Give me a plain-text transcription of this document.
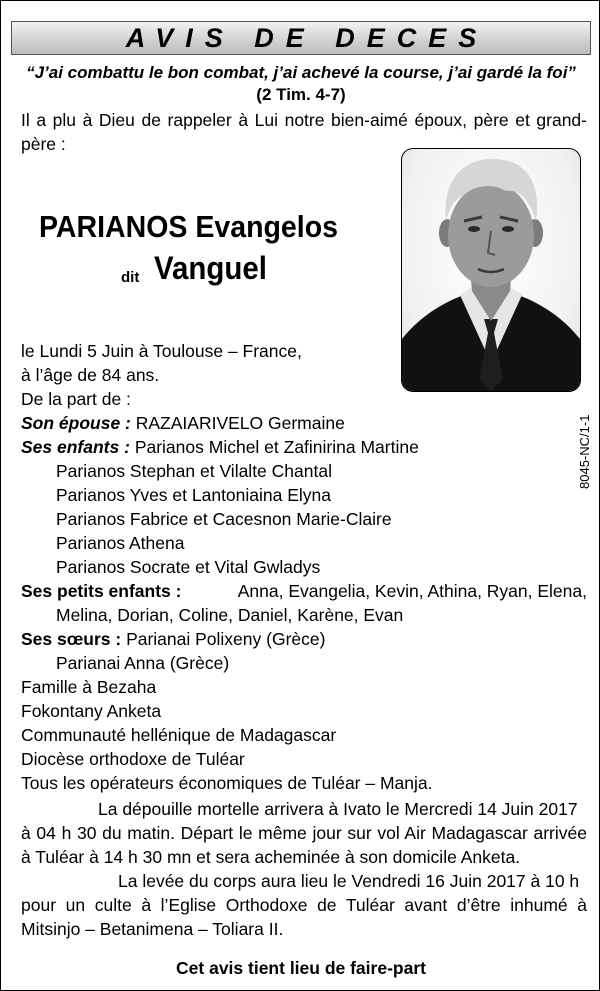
AVIS DE DECES
“J’ai combattu le bon combat, j’ai achevé la course, j’ai gardé la foi”
(2 Tim. 4-7)
Il a plu à Dieu de rappeler à Lui notre bien-aimé époux, père et grand-
père :
PARIANOS Evangelos
dit Vanguel
8045-NC/1-1
le Lundi 5 Juin à Toulouse – France,
à l’âge de 84 ans.
De la part de :
Son épouse : RAZAIARIVELO Germaine
Ses enfants : Parianos Michel et Zafinirina Martine
Parianos Stephan et Vilalte Chantal
Parianos Yves et Lantoniaina Elyna
Parianos Fabrice et Cacesnon Marie-Claire
Parianos Athena
Parianos Socrate et Vital Gwladys
Ses petits enfants :	Anna, Evangelia, Kevin, Athina, Ryan, Elena,
Melina, Dorian, Coline, Daniel, Karène, Evan
Ses sœurs : Parianai Polixeny (Grèce)
Parianai Anna (Grèce)
Famille à Bezaha
Fokontany Anketa
Communauté hellénique de Madagascar
Diocèse orthodoxe de Tuléar
Tous les opérateurs économiques de Tuléar – Manja.
La dépouille mortelle arrivera à Ivato le Mercredi 14 Juin 2017
à 04 h 30 du matin. Départ le même jour sur vol Air Madagascar arrivée
à Tuléar à 14 h 30 mn et sera acheminée à son domicile Anketa.
La levée du corps aura lieu le Vendredi 16 Juin 2017 à 10 h
pour un culte à l’Eglise Orthodoxe de Tuléar avant d’être inhumé à
Mitsinjo – Betanimena – Toliara II.
Cet avis tient lieu de faire-part
